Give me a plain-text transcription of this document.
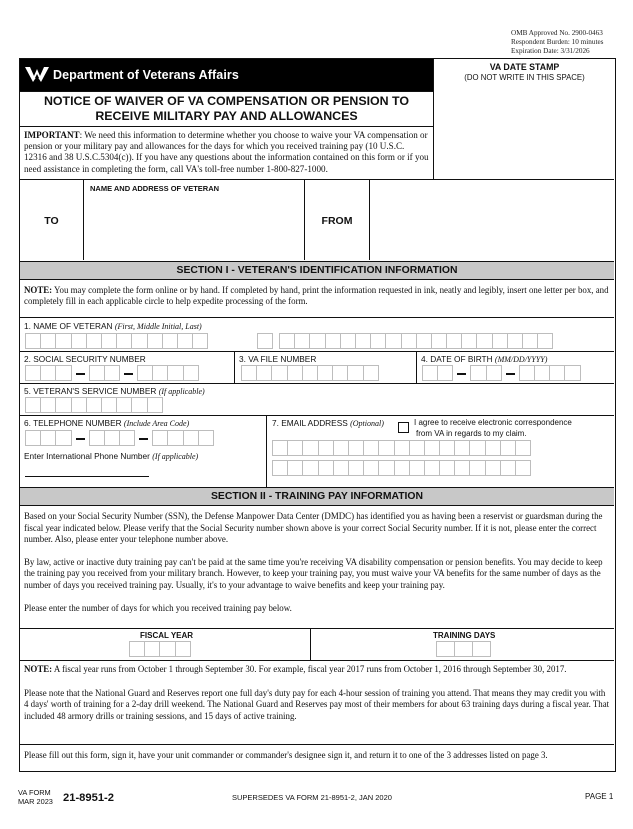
OMB Approved No. 2900-0463
Respondent Burden: 10 minutes
Expiration Date: 3/31/2026
Department of Veterans Affairs
VA DATE STAMP
(DO NOT WRITE IN THIS SPACE)
NOTICE OF WAIVER OF VA COMPENSATION OR PENSION TO
RECEIVE MILITARY PAY AND ALLOWANCES
IMPORTANT: We need this information to determine whether you choose to waive your VA compensation or pension or your military pay and allowances for the days for which you received training pay (10 U.S.C. 12316 and 38 U.S.C.5304(c)). If you have any questions about the information contained on this form or if you need assistance in completing the form, call VA's toll-free number 1-800-827-1000.
TO
NAME AND ADDRESS OF VETERAN
FROM
SECTION I - VETERAN'S IDENTIFICATION INFORMATION
NOTE: You may complete the form online or by hand. If completed by hand, print the information requested in ink, neatly and legibly, insert one letter per box, and completely fill in each applicable circle to help expedite processing of the form.
1. NAME OF VETERAN (First, Middle Initial, Last)
2. SOCIAL SECURITY NUMBER	3. VA FILE NUMBER	4. DATE OF BIRTH (MM/DD/YYYY)
5. VETERAN'S SERVICE NUMBER (If applicable)
6. TELEPHONE NUMBER (Include Area Code)
Enter International Phone Number (If applicable)
7. EMAIL ADDRESS (Optional)	I agree to receive electronic correspondence
from VA in regards to my claim.
SECTION II - TRAINING PAY INFORMATION

Based on your Social Security Number (SSN), the Defense Manpower Data Center (DMDC) has identified you as having been a reservist or guardsman during the fiscal year indicated below. Please verify that the Social Security number shown above is your correct Social Security number. If it is not, please enter the correct number. Also, please enter your telephone number above.

By law, active or inactive duty training pay can't be paid at the same time you're receiving VA disability compensation or pension benefits. You may decide to keep the training pay you received from your military branch. However, to keep your training pay, you must waive your VA benefits for the same number of days as the number of days you received training pay. Usually, it's to your advantage to waive benefits and keep your training pay.

Please enter the number of days for which you received training pay below.

FISCAL YEAR	TRAINING DAYS

NOTE: A fiscal year runs from October 1 through September 30. For example, fiscal year 2017 runs from October 1, 2016 through September 30, 2017.

Please note that the National Guard and Reserves report one full day's duty pay for each 4-hour session of training you attend. That means they may credit you with 4 days' worth of training for a 2-day drill weekend. The National Guard and Reserves pay most of their members for about 63 training days during a fiscal year. That included 48 armory drills or training sessions, and 15 days of active training.

Please fill out this form, sign it, have your unit commander or commander's designee sign it, and return it to one of the 3 addresses listed on page 3.

VA FORM
MAR 2023 21-8951-2	SUPERSEDES VA FORM 21-8951-2, JAN 2020	PAGE 1
